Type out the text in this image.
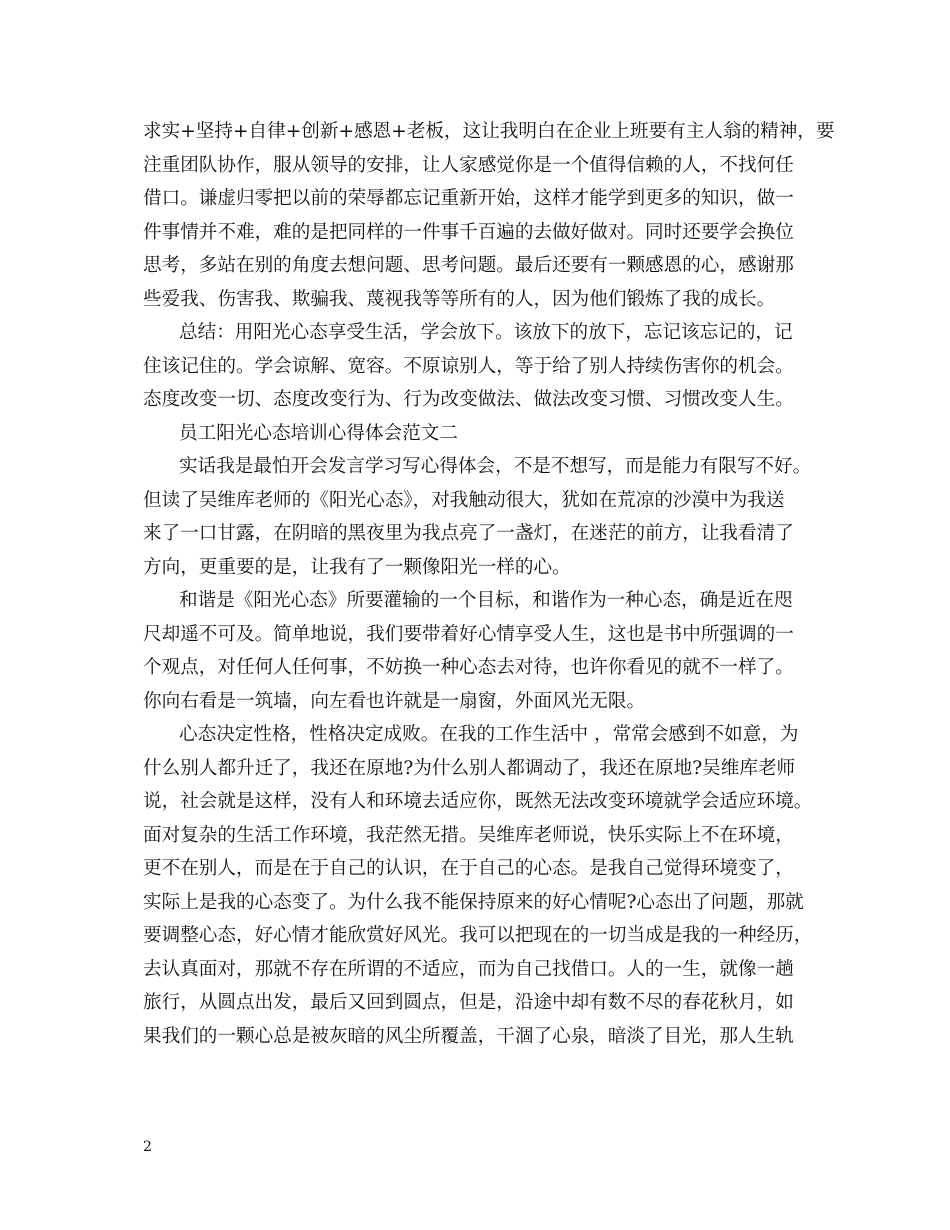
求实+坚持+自律+创新+感恩+老板，这让我明白在企业上班要有主人翁的精神，要
注重团队协作，服从领导的安排，让人家感觉你是一个值得信赖的人，不找何任
借口。谦虚归零把以前的荣辱都忘记重新开始，这样才能学到更多的知识，做一
件事情并不难，难的是把同样的一件事千百遍的去做好做对。同时还要学会换位
思考，多站在别的角度去想问题、思考问题。最后还要有一颗感恩的心，感谢那
些爱我、伤害我、欺骗我、蔑视我等等所有的人，因为他们锻炼了我的成长。
总结：用阳光心态享受生活，学会放下。该放下的放下，忘记该忘记的，记
住该记住的。学会谅解、宽容。不原谅别人，等于给了别人持续伤害你的机会。
态度改变一切、态度改变行为、行为改变做法、做法改变习惯、习惯改变人生。
员工阳光心态培训心得体会范文二
实话我是最怕开会发言学习写心得体会，不是不想写，而是能力有限写不好。
但读了吴维库老师的《阳光心态》，对我触动很大，犹如在荒凉的沙漠中为我送
来了一口甘露，在阴暗的黑夜里为我点亮了一盏灯，在迷茫的前方，让我看清了
方向，更重要的是，让我有了一颗像阳光一样的心。
和谐是《阳光心态》所要灌输的一个目标，和谐作为一种心态，确是近在咫
尺却遥不可及。简单地说，我们要带着好心情享受人生，这也是书中所强调的一
个观点，对任何人任何事，不妨换一种心态去对待，也许你看见的就不一样了。
你向右看是一筑墙，向左看也许就是一扇窗，外面风光无限。
心态决定性格，性格决定成败。在我的工作生活中 ，常常会感到不如意，为
什么别人都升迁了，我还在原地?为什么别人都调动了，我还在原地?吴维库老师
说，社会就是这样，没有人和环境去适应你，既然无法改变环境就学会适应环境。
面对复杂的生活工作环境，我茫然无措。吴维库老师说，快乐实际上不在环境，
更不在别人，而是在于自己的认识，在于自己的心态。是我自己觉得环境变了，
实际上是我的心态变了。为什么我不能保持原来的好心情呢?心态出了问题，那就
要调整心态，好心情才能欣赏好风光。我可以把现在的一切当成是我的一种经历，
去认真面对，那就不存在所谓的不适应，而为自己找借口。人的一生，就像一趟
旅行，从圆点出发，最后又回到圆点，但是，沿途中却有数不尽的春花秋月，如
果我们的一颗心总是被灰暗的风尘所覆盖，干涸了心泉，暗淡了目光，那人生轨
2
